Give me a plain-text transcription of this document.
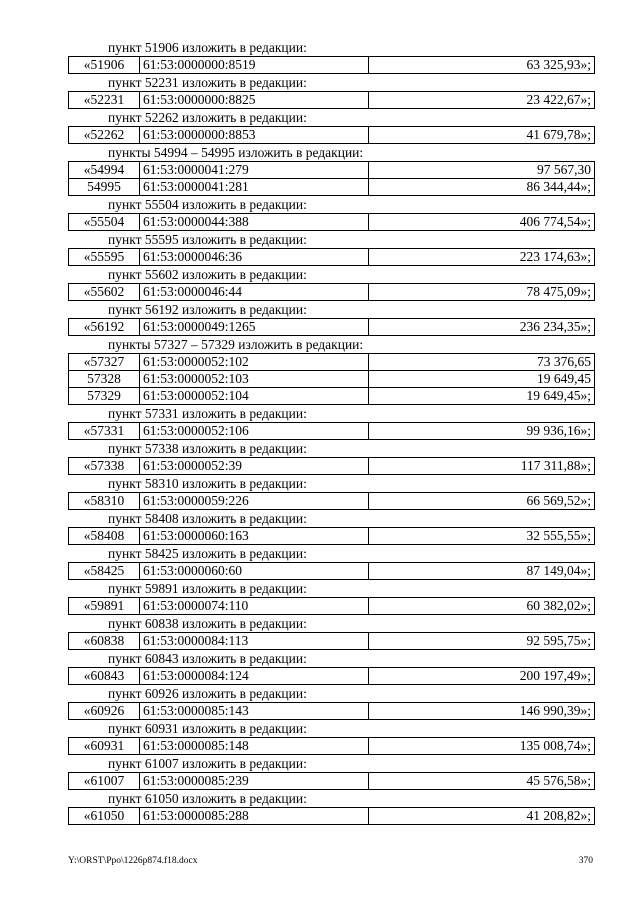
пункт 51906 изложить в редакции:
«51906	61:53:0000000:8519	63 325,93»;
пункт 52231 изложить в редакции:
«52231	61:53:0000000:8825	23 422,67»;
пункт 52262 изложить в редакции:
«52262	61:53:0000000:8853	41 679,78»;
пункты 54994 – 54995 изложить в редакции:
«54994	61:53:0000041:279	97 567,30
54995	61:53:0000041:281	86 344,44»;
пункт 55504 изложить в редакции:
«55504	61:53:0000044:388	406 774,54»;
пункт 55595 изложить в редакции:
«55595	61:53:0000046:36	223 174,63»;
пункт 55602 изложить в редакции:
«55602	61:53:0000046:44	78 475,09»;
пункт 56192 изложить в редакции:
«56192	61:53:0000049:1265	236 234,35»;
пункты 57327 – 57329 изложить в редакции:
«57327	61:53:0000052:102	73 376,65
57328	61:53:0000052:103	19 649,45
57329	61:53:0000052:104	19 649,45»;
пункт 57331 изложить в редакции:
«57331	61:53:0000052:106	99 936,16»;
пункт 57338 изложить в редакции:
«57338	61:53:0000052:39	117 311,88»;
пункт 58310 изложить в редакции:
«58310	61:53:0000059:226	66 569,52»;
пункт 58408 изложить в редакции:
«58408	61:53:0000060:163	32 555,55»;
пункт 58425 изложить в редакции:
«58425	61:53:0000060:60	87 149,04»;
пункт 59891 изложить в редакции:
«59891	61:53:0000074:110	60 382,02»;
пункт 60838 изложить в редакции:
«60838	61:53:0000084:113	92 595,75»;
пункт 60843 изложить в редакции:
«60843	61:53:0000084:124	200 197,49»;
пункт 60926 изложить в редакции:
«60926	61:53:0000085:143	146 990,39»;
пункт 60931 изложить в редакции:
«60931	61:53:0000085:148	135 008,74»;
пункт 61007 изложить в редакции:
«61007	61:53:0000085:239	45 576,58»;
пункт 61050 изложить в редакции:
«61050	61:53:0000085:288	41 208,82»;
Y:\ORST\Ppo\1226p874.f18.docx	370
